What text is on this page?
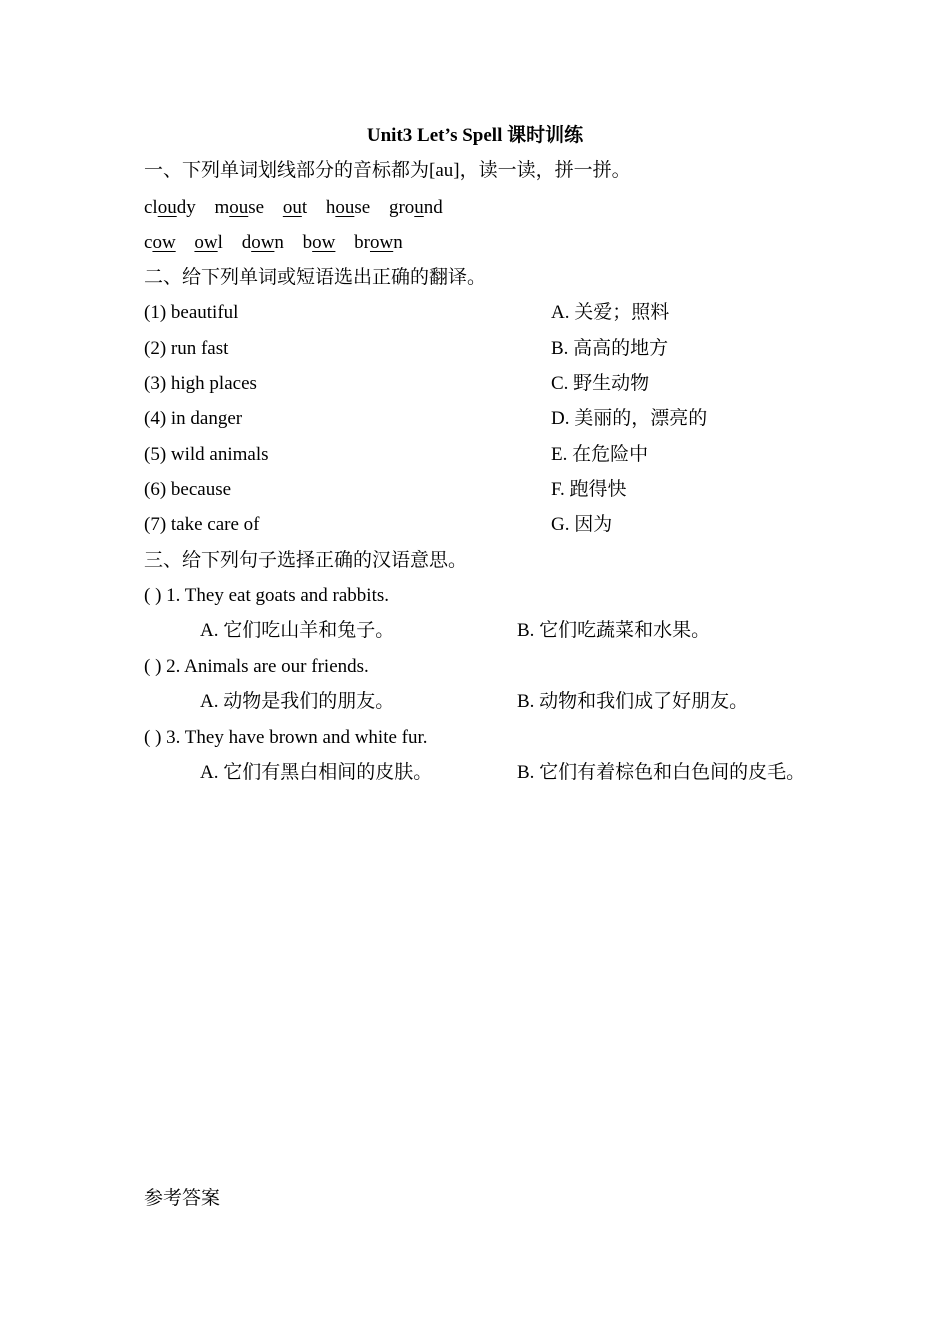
Unit3 Let’s Spell 课时训练
一、下列单词划线部分的音标都为[au]，读一读，拼一拼。
cloudy mouse out house ground
cow owl down bow brown
二、给下列单词或短语选出正确的翻译。
(1) beautiful	A. 关爱；照料
(2) run fast	B. 高高的地方
(3) high places	C. 野生动物
(4) in danger	D. 美丽的，漂亮的
(5) wild animals	E. 在危险中
(6) because	F. 跑得快
(7) take care of	G. 因为
三、给下列句子选择正确的汉语意思。
( ) 1. They eat goats and rabbits.
A. 它们吃山羊和兔子。	B. 它们吃蔬菜和水果。
( ) 2. Animals are our friends.
A. 动物是我们的朋友。	B. 动物和我们成了好朋友。
( ) 3. They have brown and white fur.
A. 它们有黑白相间的皮肤。	B. 它们有着棕色和白色间的皮毛。
参考答案
